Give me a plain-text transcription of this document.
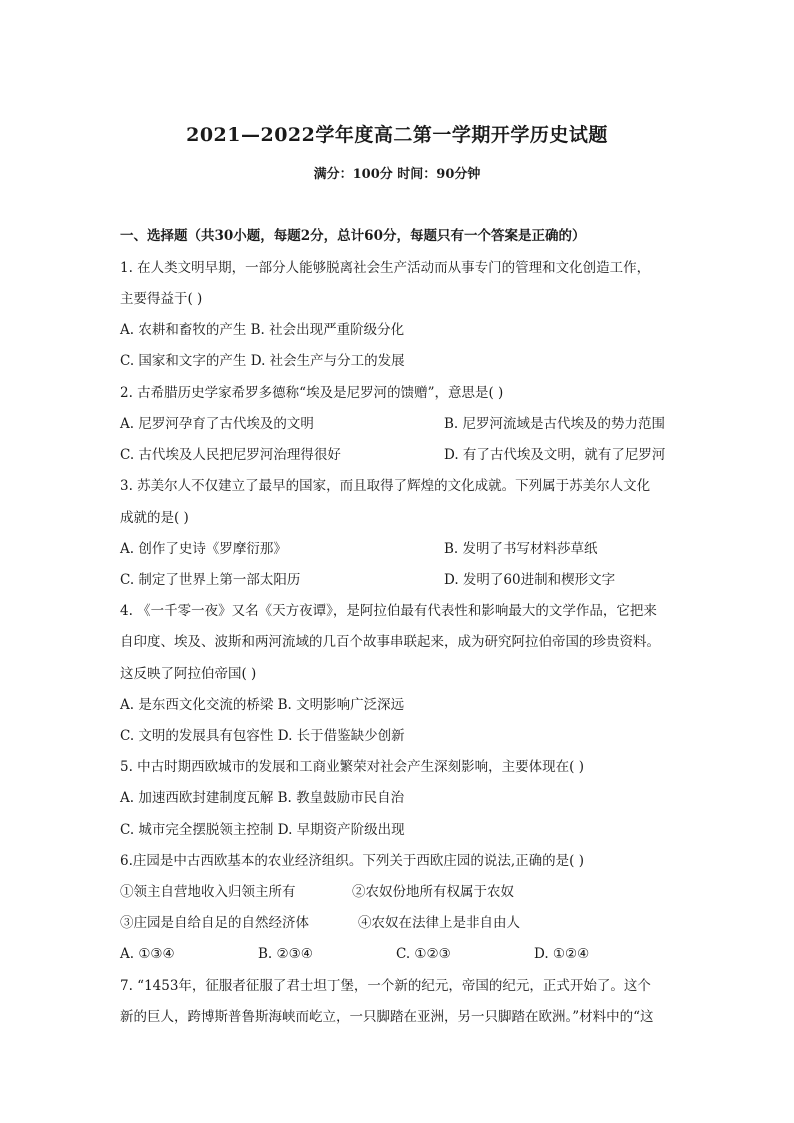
2021—2022学年度高二第一学期开学历史试题
满分：100分 时间：90分钟
一、选择题（共30小题，每题2分，总计60分，每题只有一个答案是正确的）
1. 在人类文明早期，一部分人能够脱离社会生产活动而从事专门的管理和文化创造工作，
主要得益于( )
A. 农耕和畜牧的产生 B. 社会出现严重阶级分化
C. 国家和文字的产生 D. 社会生产与分工的发展
2. 古希腊历史学家希罗多德称“埃及是尼罗河的馈赠”，意思是( )
A. 尼罗河孕育了古代埃及的文明	B. 尼罗河流域是古代埃及的势力范围
C. 古代埃及人民把尼罗河治理得很好	D. 有了古代埃及文明，就有了尼罗河
3. 苏美尔人不仅建立了最早的国家，而且取得了辉煌的文化成就。下列属于苏美尔人文化
成就的是( )
A. 创作了史诗《罗摩衍那》	B. 发明了书写材料莎草纸
C. 制定了世界上第一部太阳历	D. 发明了60进制和楔形文字
4. 《一千零一夜》又名《天方夜谭》，是阿拉伯最有代表性和影响最大的文学作品，它把来
自印度、埃及、波斯和两河流域的几百个故事串联起来，成为研究阿拉伯帝国的珍贵资料。
这反映了阿拉伯帝国( )
A. 是东西文化交流的桥梁 B. 文明影响广泛深远
C. 文明的发展具有包容性 D. 长于借鉴缺少创新
5. 中古时期西欧城市的发展和工商业繁荣对社会产生深刻影响，主要体现在( )
A. 加速西欧封建制度瓦解 B. 教皇鼓励市民自治
C. 城市完全摆脱领主控制 D. 早期资产阶级出现
6.庄园是中古西欧基本的农业经济组织。下列关于西欧庄园的说法,正确的是( )
①领主自营地收入归领主所有	②农奴份地所有权属于农奴
③庄园是自给自足的自然经济体	④农奴在法律上是非自由人
A. ①③④	B. ②③④	C. ①②③	D. ①②④
7. “1453年，征服者征服了君士坦丁堡，一个新的纪元，帝国的纪元，正式开始了。这个
新的巨人，跨博斯普鲁斯海峡而屹立，一只脚踏在亚洲，另一只脚踏在欧洲。”材料中的“这
